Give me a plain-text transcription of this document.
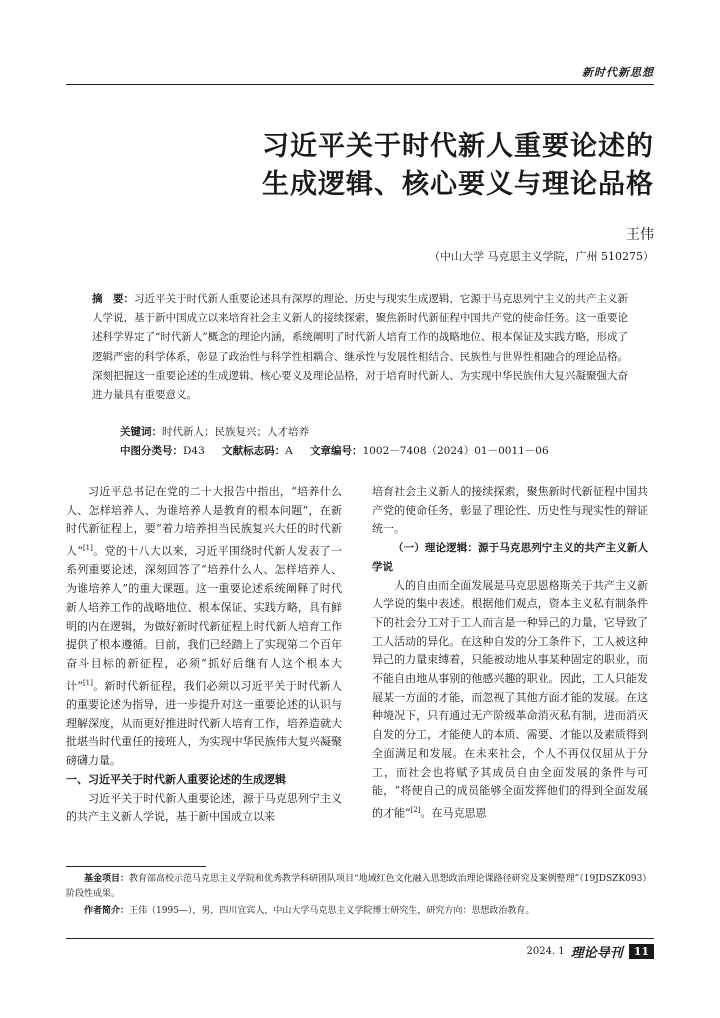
新时代新思想
习近平关于时代新人重要论述的
生成逻辑、核心要义与理论品格
王伟
（中山大学 马克思主义学院，广州 510275）
摘　要：习近平关于时代新人重要论述具有深厚的理论、历史与现实生成逻辑，它源于马克思列宁主义的共产主义新人学说，基于新中国成立以来培育社会主义新人的接续探索，聚焦新时代新征程中国共产党的使命任务。这一重要论述科学界定了“时代新人”概念的理论内涵，系统阐明了时代新人培育工作的战略地位、根本保证及实践方略，形成了逻辑严密的科学体系，彰显了政治性与科学性相耦合、继承性与发展性相结合、民族性与世界性相融合的理论品格。深刻把握这一重要论述的生成逻辑、核心要义及理论品格，对于培育时代新人、为实现中华民族伟大复兴凝聚强大奋进力量具有重要意义。
关键词：时代新人；民族复兴；人才培养
中图分类号：D43 文献标志码：A 文章编号：1002－7408（2024）01－0011－06

习近平总书记在党的二十大报告中指出，“培养什么人、怎样培养人、为谁培养人是教育的根本问题”，在新时代新征程上，要“着力培养担当民族复兴大任的时代新人”[1]。党的十八大以来，习近平围绕时代新人发表了一系列重要论述，深刻回答了“培养什么人、怎样培养人、为谁培养人”的重大课题。这一重要论述系统阐释了时代新人培养工作的战略地位、根本保证、实践方略，具有鲜明的内在逻辑，为做好新时代新征程上时代新人培育工作提供了根本遵循。目前，我们已经踏上了实现第二个百年奋斗目标的新征程，必须“抓好后继有人这个根本大计”[1]。新时代新征程，我们必须以习近平关于时代新人的重要论述为指导，进一步提升对这一重要论述的认识与理解深度，从而更好推进时代新人培育工作，培养造就大批堪当时代重任的接班人，为实现中华民族伟大复兴凝聚磅礴力量。

一、习近平关于时代新人重要论述的生成逻辑

习近平关于时代新人重要论述，源于马克思列宁主义的共产主义新人学说，基于新中国成立以来

培育社会主义新人的接续探索，聚焦新时代新征程中国共产党的使命任务，彰显了理论性、历史性与现实性的辩证统一。

（一）理论逻辑：源于马克思列宁主义的共产主义新人学说

人的自由而全面发展是马克思恩格斯关于共产主义新人学说的集中表述。根据他们观点，资本主义私有制条件下的社会分工对于工人而言是一种异己的力量，它导致了工人活动的异化。在这种自发的分工条件下，工人被这种异己的力量束缚着，只能被动地从事某种固定的职业，而不能自由地从事别的他感兴趣的职业。因此，工人只能发展某一方面的才能，而忽视了其他方面才能的发展。在这种境况下，只有通过无产阶级革命消灭私有制，进而消灭自发的分工，才能使人的本质、需要、才能以及素质得到全面满足和发展。在未来社会，个人不再仅仅屈从于分工，而社会也将赋予其成员自由全面发展的条件与可能，“将使自己的成员能够全面发挥他们的得到全面发展的才能”[2]。在马克思恩

基金项目：教育部高校示范马克思主义学院和优秀教学科研团队项目“地域红色文化融入思想政治理论课路径研究及案例整理”（19JDSZK093）阶段性成果。

作者简介：王伟（1995—），男，四川宜宾人，中山大学马克思主义学院博士研究生，研究方向：思想政治教育。

2024. 1 理论导刊	11
